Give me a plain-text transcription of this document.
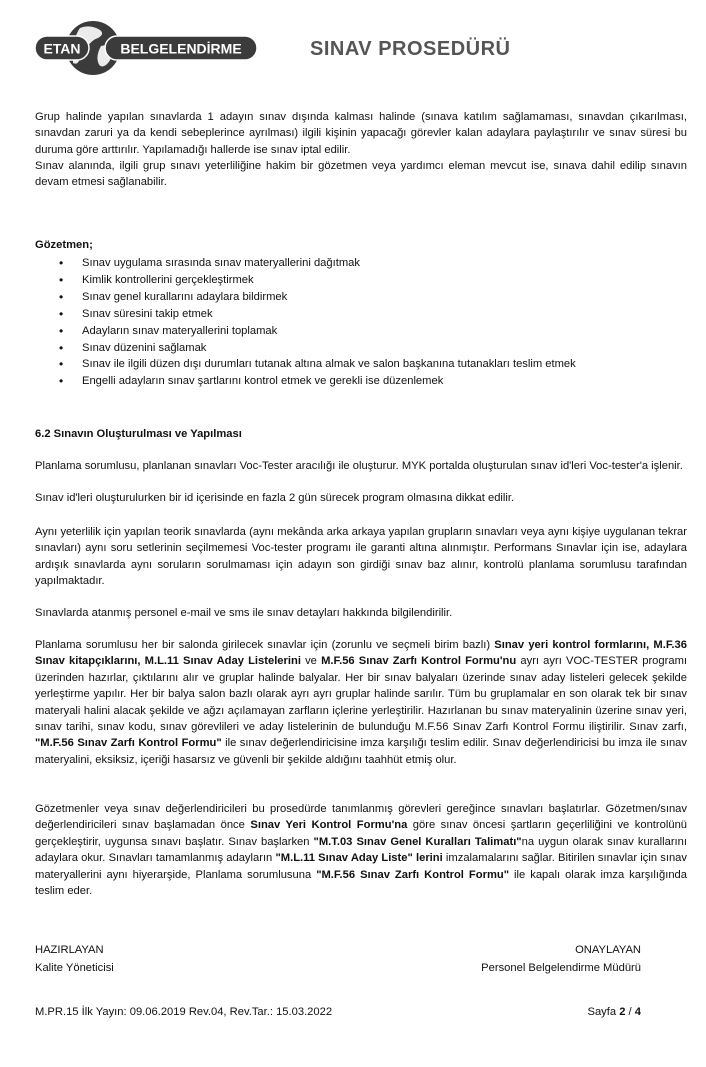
ETAN	BELGELENDİRME	SINAV PROSEDÜRÜ

Grup halinde yapılan sınavlarda 1 adayın sınav dışında kalması halinde (sınava katılım sağlamaması, sınavdan çıkarılması, sınavdan zaruri ya da kendi sebeplerince ayrılması) ilgili kişinin yapacağı görevler kalan adaylara paylaştırılır ve sınav süresi bu duruma göre arttırılır. Yapılamadığı hallerde ise sınav iptal edilir.

Sınav alanında, ilgili grup sınavı yeterliliğine hakim bir gözetmen veya yardımcı eleman mevcut ise, sınava dahil edilip sınavın devam etmesi sağlanabilir.

Gözetmen;
• Sınav uygulama sırasında sınav materyallerini dağıtmak
• Kimlik kontrollerini gerçekleştirmek
• Sınav genel kurallarını adaylara bildirmek
• Sınav süresini takip etmek
• Adayların sınav materyallerini toplamak
• Sınav düzenini sağlamak
• Sınav ile ilgili düzen dışı durumları tutanak altına almak ve salon başkanına tutanakları teslim etmek
• Engelli adayların sınav şartlarını kontrol etmek ve gerekli ise düzenlemek
6.2 Sınavın Oluşturulması ve Yapılması

Planlama sorumlusu, planlanan sınavları Voc-Tester aracılığı ile oluşturur. MYK portalda oluşturulan sınav id'leri Voc-tester'a işlenir.

Sınav id'leri oluşturulurken bir id içerisinde en fazla 2 gün sürecek program olmasına dikkat edilir.

Aynı yeterlilik için yapılan teorik sınavlarda (aynı mekânda arka arkaya yapılan grupların sınavları veya aynı kişiye uygulanan tekrar sınavları) aynı soru setlerinin seçilmemesi Voc-tester programı ile garanti altına alınmıştır. Performans Sınavlar için ise, adaylara ardışık sınavlarda aynı soruların sorulmaması için adayın son girdiği sınav baz alınır, kontrolü planlama sorumlusu tarafından yapılmaktadır.

Sınavlarda atanmış personel e-mail ve sms ile sınav detayları hakkında bilgilendirilir.

Planlama sorumlusu her bir salonda girilecek sınavlar için (zorunlu ve seçmeli birim bazlı) Sınav yeri kontrol formlarını, M.F.36 Sınav kitapçıklarını, M.L.11 Sınav Aday Listelerini ve M.F.56 Sınav Zarfı Kontrol Formu'nu ayrı ayrı VOC-TESTER programı üzerinden hazırlar, çıktılarını alır ve gruplar halinde balyalar. Her bir sınav balyaları üzerinde sınav aday listeleri gelecek şekilde yerleştirme yapılır. Her bir balya salon bazlı olarak ayrı ayrı gruplar halinde sarılır. Tüm bu gruplamalar en son olarak tek bir sınav materyali halini alacak şekilde ve ağzı açılamayan zarfların içlerine yerleştirilir. Hazırlanan bu sınav materyalinin üzerine sınav yeri, sınav tarihi, sınav kodu, sınav görevlileri ve aday listelerinin de bulunduğu M.F.56 Sınav Zarfı Kontrol Formu iliştirilir. Sınav zarfı, "M.F.56 Sınav Zarfı Kontrol Formu" ile sınav değerlendiricisine imza karşılığı teslim edilir. Sınav değerlendiricisi bu imza ile sınav materyalini, eksiksiz, içeriği hasarsız ve güvenli bir şekilde aldığını taahhüt etmiş olur.

Gözetmenler veya sınav değerlendiricileri bu prosedürde tanımlanmış görevleri gereğince sınavları başlatırlar. Gözetmen/sınav değerlendiricileri sınav başlamadan önce Sınav Yeri Kontrol Formu'na göre sınav öncesi şartların geçerliliğini ve kontrolünü gerçekleştirir, uygunsa sınavı başlatır. Sınav başlarken "M.T.03 Sınav Genel Kuralları Talimatı"na uygun olarak sınav kurallarını adaylara okur. Sınavları tamamlanmış adayların "M.L.11 Sınav Aday Liste" lerini imzalamalarını sağlar. Bitirilen sınavlar için sınav materyallerini aynı hiyerarşide, Planlama sorumlusuna "M.F.56 Sınav Zarfı Kontrol Formu" ile kapalı olarak imza karşılığında teslim eder.

HAZIRLAYAN
Kalite Yöneticisi
ONAYLAYAN
Personel Belgelendirme Müdürü
M.PR.15 İlk Yayın: 09.06.2019 Rev.04, Rev.Tar.: 15.03.2022	Sayfa 2 / 4
